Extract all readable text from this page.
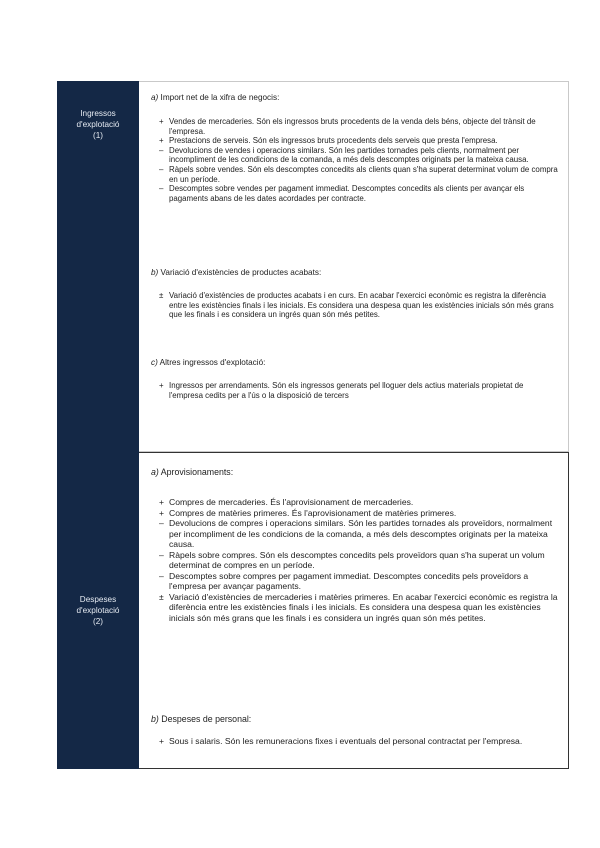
Ingressos
d'explotació
(1)

a) Import net de la xifra de negocis:

+ Vendes de mercaderies. Són els ingressos bruts procedents de la venda dels béns, objecte del trànsit de l'empresa.
+ Prestacions de serveis. Són els ingressos bruts procedents dels serveis que presta l'empresa.
– Devolucions de vendes i operacions similars. Són les partides tornades pels clients, normalment per incompliment de les condicions de la comanda, a més dels descomptes originats per la mateixa causa.
– Ràpels sobre vendes. Són els descomptes concedits als clients quan s'ha superat determinat volum de compra en un període.
– Descomptes sobre vendes per pagament immediat. Descomptes concedits als clients per avançar els pagaments abans de les dates acordades per contracte.

b) Variació d'existències de productes acabats:

± Variació d'existències de productes acabats i en curs. En acabar l'exercici econòmic es registra la diferència entre les existències finals i les inicials. Es considera una despesa quan les existències inicials són més grans que les finals i es considera un ingrés quan són més petites.

c) Altres ingressos d'explotació:

+ Ingressos per arrendaments. Són els ingressos generats pel lloguer dels actius materials propietat de l'empresa cedits per a l'ús o la disposició de tercers
Despeses
d'explotació
(2)

a) Aprovisionaments:

+ Compres de mercaderies. És l'aprovisionament de mercaderies.
+ Compres de matèries primeres. És l'aprovisionament de matèries primeres.
– Devolucions de compres i operacions similars. Són les partides tornades als proveïdors, normalment per incompliment de les condicions de la comanda, a més dels descomptes originats per la mateixa causa.
– Ràpels sobre compres. Són els descomptes concedits pels proveïdors quan s'ha superat un volum determinat de compres en un període.
– Descomptes sobre compres per pagament immediat. Descomptes concedits pels proveïdors a l'empresa per avançar pagaments.
± Variació d'existències de mercaderies i matèries primeres. En acabar l'exercici econòmic es registra la diferència entre les existències finals i les inicials. Es considera una despesa quan les existències inicials són més grans que les finals i es considera un ingrés quan són més petites.

b) Despeses de personal:

+ Sous i salaris. Són les remuneracions fixes i eventuals del personal contractat per l'empresa.
